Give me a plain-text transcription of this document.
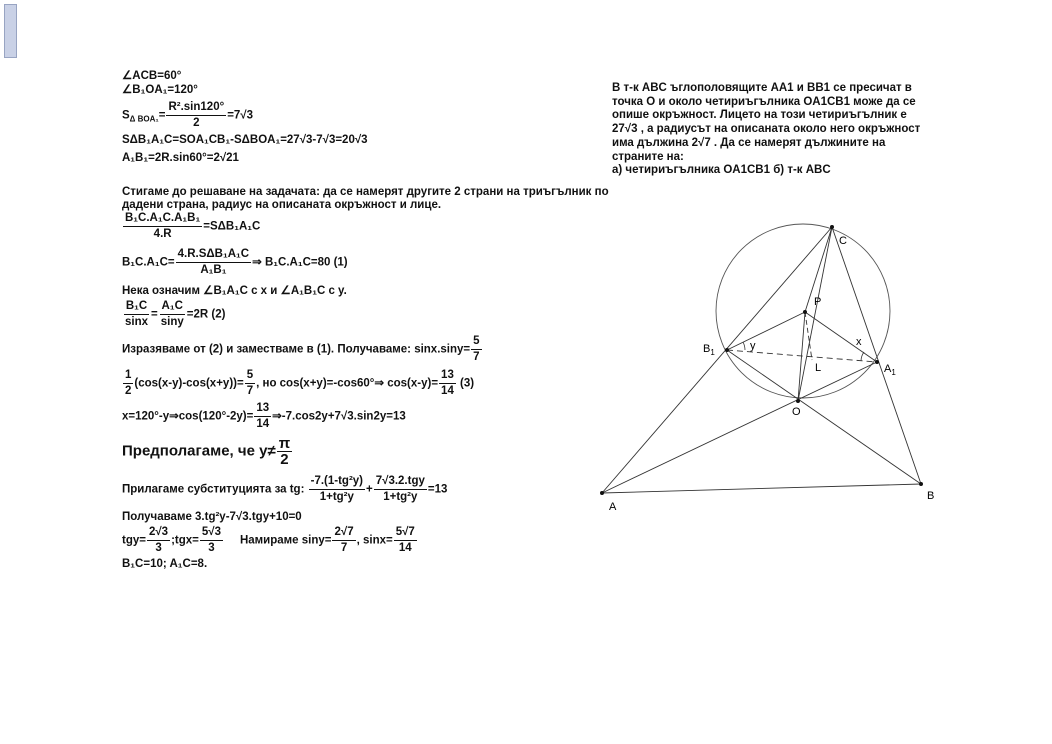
∠ACB=60°
∠B₁OA₁=120°
$S_{\Delta BOA_1}= \frac{\text{R².sin120°}}{2} =7√3$
SΔB₁A₁C=SOA₁CB₁-SΔBOA₁=27√3-7√3=20√3
A₁B₁=2R.sin60°=2√21
Стигаме до решаване на задачата: да се намерят другите 2 страни на триъгълник по
дадени страна, радиус на описаната окръжност и лице.
$\frac{\text{B₁C.A₁C.A₁B₁}}{4.R} =S\Delta B_1A_1C$
$B_1C.A_1C= \frac{\text{4.R.SΔB₁A₁C}}{\text{A₁B₁}}$ ⇒ B₁C.A₁C=80 (1)
Нека означим ∠B₁A₁C с x и ∠A₁B₁C с y.
$\frac{\text{B₁C}}{\sin x} = \frac{\text{A₁C}}{\sin y} =2R$ (2)
Изразяваме от (2) и заместваме в (1). Получаваме: $\sin x.\sin y= \frac{5}{7}$
$\frac{1}{2} (\cos(x-y)-\cos(x+y))= \frac{5}{7}$ , но cos(x+y)=-cos60°⇒ $\cos(x-y)= \frac{13}{14} (3)$
x=120°-y⇒cos(120°-2y)= $\frac{13}{14}$ ⇒-7.cos2y+7√3.sin2y=13
Предполагаме, че $y\ne \frac{\pi}{2}$
Прилагаме субституцията за tg: $\frac{\text{-7.(1-tg²y)}}{\text{1+tg²y}} + \frac{\text{7√3.2.tgy}}{\text{1+tg²y}} =13$
Получаваме 3.tg²y-7√3.tgy+10=0
$tgy= \frac{2√3}{3}$ ;tgx= $\frac{5√3}{3}$ Намираме $\sin y= \frac{2√7}{7}$ , $\sin x= \frac{5√7}{14}$
B₁C=10; A₁C=8.
В т-к ABC ъглополовящите AA1 и BB1 се пресичат в
точка О и около четириъгълника OA1CB1 може да се
опише окръжност. Лицето на този четириъгълник е
27√3 , а радиусът на описаната около него окръжност
има дължина 2√7 . Да се намерят дължините на
страните на:
а) четириъгълника OA1CB1 б) т-к ABC
A
B
C
O
P
L
$B_1$
$A_1$
x
y
